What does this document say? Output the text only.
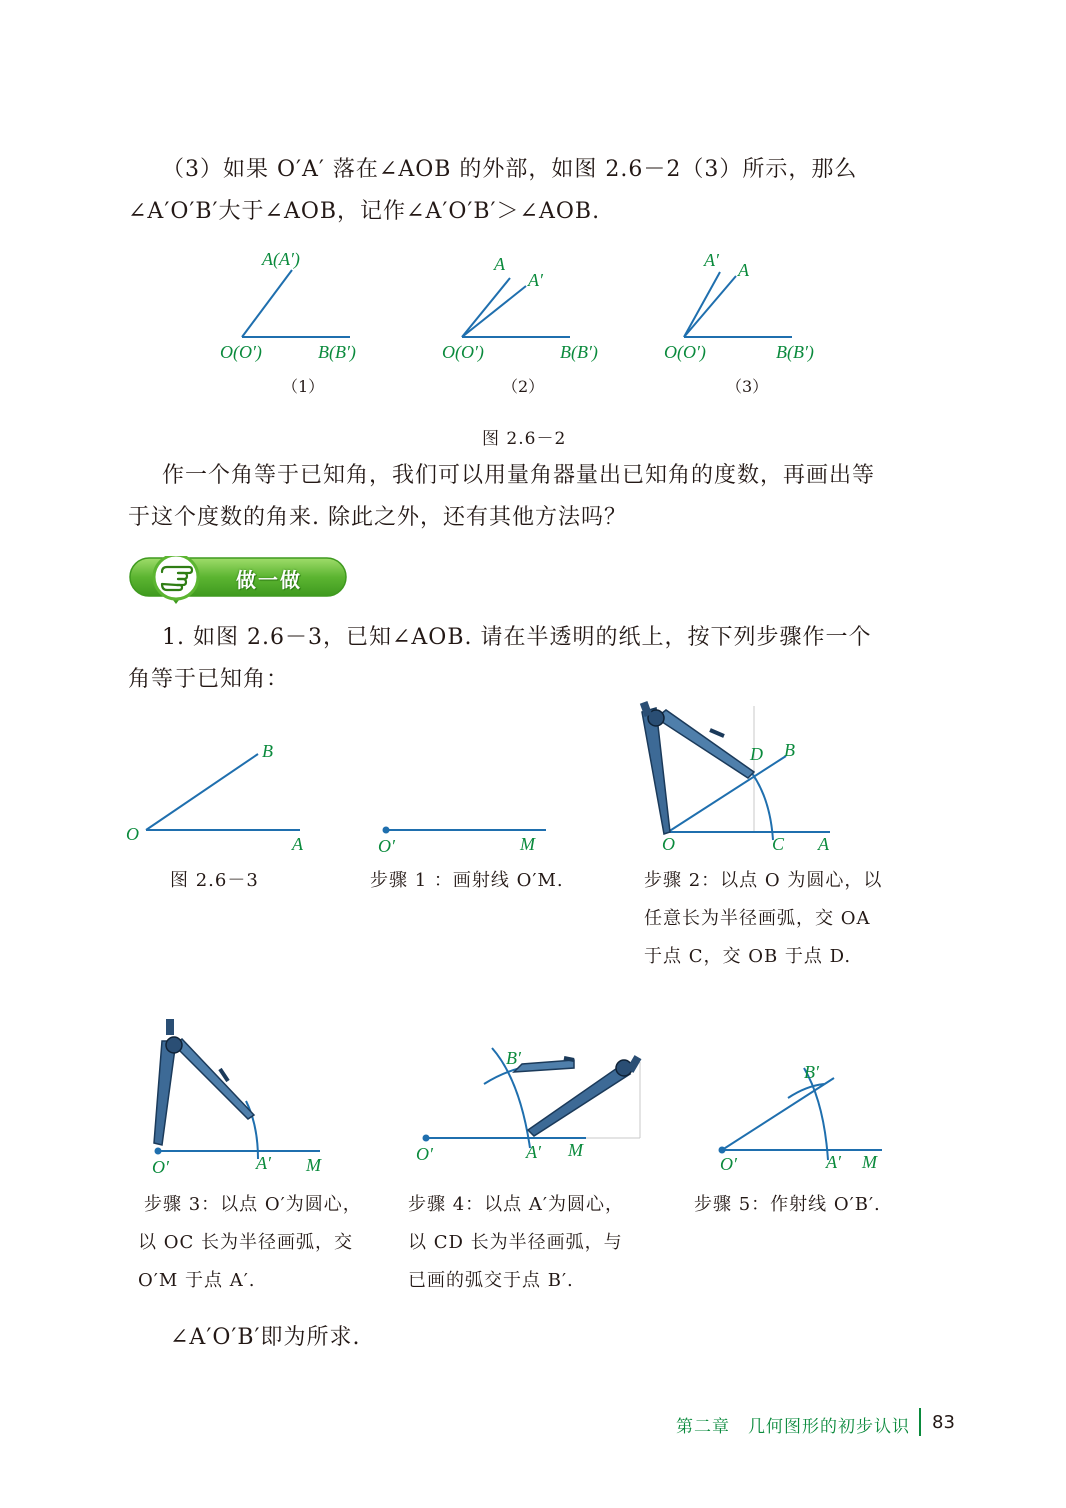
（3）如果 O′A′ 落在∠AOB 的外部，如图 2.6－2（3）所示，那么
∠A′O′B′大于∠AOB，记作∠A′O′B′＞∠AOB.
A(A′)
O(O′)	B(B′)
（1）
A
A′
O(O′)	B(B′)
（2）
A′ A
O(O′)	B(B′)
（3）
图 2.6－2
作一个角等于已知角，我们可以用量角器量出已知角的度数，再画出等
于这个度数的角来. 除此之外，还有其他方法吗？
做一做
1. 如图 2.6－3，已知∠AOB. 请在半透明的纸上，按下列步骤作一个
角等于已知角：
O	A
B
图 2.6－3
O′	M
步骤 1 ：画射线 O′M.
O	C A
D B
步骤 2：以点 O 为圆心，以
任意长为半径画弧，交 OA
于点 C，交 OB 于点 D.
O′	A′ M
步骤 3：以点 O′为圆心，
以 OC 长为半径画弧，交
O′M 于点 A′.
O′	A′ M
B′
步骤 4：以点 A′为圆心，
以 CD 长为半径画弧，与
已画的弧交于点 B′.
O′	A′ M
B′
步骤 5：作射线 O′B′.
∠A′O′B′即为所求.
第二章 几何图形的初步认识 83
